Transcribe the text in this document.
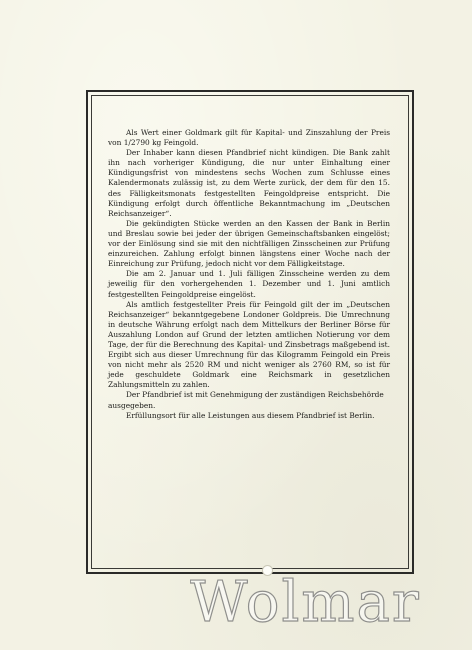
Als Wert einer Goldmark gilt für Kapital- und Zinszahlung der Preis von 1/2790 kg Feingold.

Der Inhaber kann diesen Pfandbrief nicht kündigen. Die Bank zahlt ihn nach vorheriger Kündigung, die nur unter Einhaltung einer Kündigungsfrist von mindestens sechs Wochen zum Schlusse eines Kalendermonats zulässig ist, zu dem Werte zurück, der dem für den 15. des Fälligkeitsmonats festgestellten Feingoldpreise entspricht. Die Kündigung erfolgt durch öffentliche Bekanntmachung im „Deutschen Reichsanzeiger“.

Die gekündigten Stücke werden an den Kassen der Bank in Berlin und Breslau sowie bei jeder der übrigen Gemeinschaftsbanken eingelöst; vor der Einlösung sind sie mit den nichtfälligen Zinsscheinen zur Prüfung einzureichen. Zahlung erfolgt binnen längstens einer Woche nach der Einreichung zur Prüfung, jedoch nicht vor dem Fälligkeitstage.

Die am 2. Januar und 1. Juli fälligen Zinsscheine werden zu dem jeweilig für den vorhergehenden 1. Dezember und 1. Juni amtlich festgestellten Feingoldpreise eingelöst.

Als amtlich festgestellter Preis für Feingold gilt der im „Deutschen Reichsanzeiger“ bekanntgegebene Londoner Goldpreis. Die Umrechnung in deutsche Währung erfolgt nach dem Mittelkurs der Berliner Börse für Auszahlung London auf Grund der letzten amtlichen Notierung vor dem Tage, der für die Berechnung des Kapital- und Zinsbetrags maßgebend ist. Ergibt sich aus dieser Umrechnung für das Kilogramm Feingold ein Preis von nicht mehr als 2520 RM und nicht weniger als 2760 RM, so ist für jede geschuldete Goldmark eine Reichsmark in gesetzlichen Zahlungsmitteln zu zahlen.

Der Pfandbrief ist mit Genehmigung der zuständigen Reichsbehörde ausgegeben.

Erfüllungsort für alle Leistungen aus diesem Pfandbrief ist Berlin.

Wolmar
